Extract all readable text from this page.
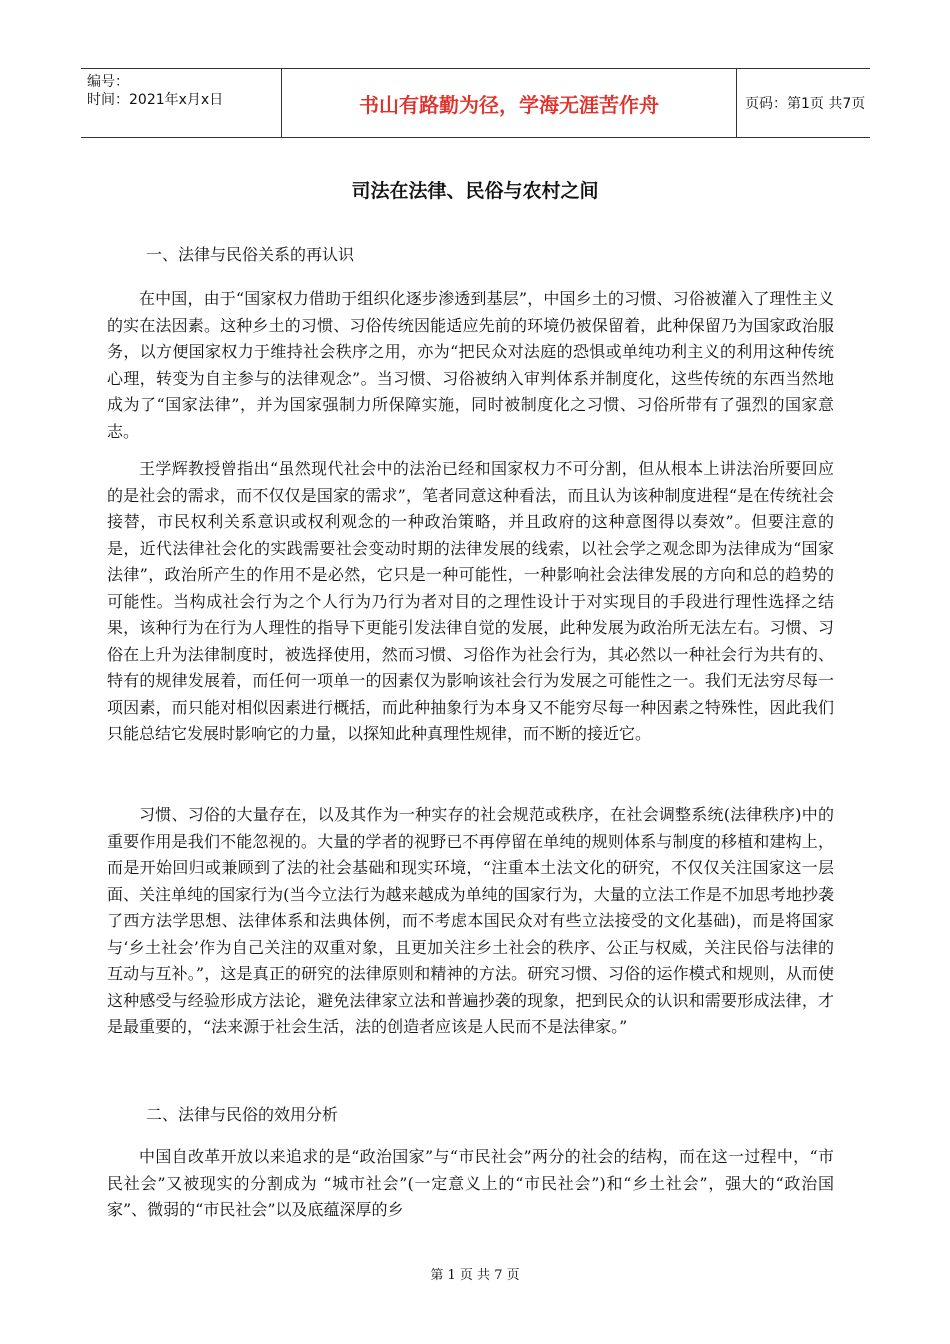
编号：
时间：2021年x月x日	书山有路勤为径，学海无涯苦作舟	页码：第1页 共7页
司法在法律、民俗与农村之间
一、法律与民俗关系的再认识

在中国，由于“国家权力借助于组织化逐步渗透到基层”，中国乡土的习惯、习俗被灌入了理性主义的实在法因素。这种乡土的习惯、习俗传统因能适应先前的环境仍被保留着，此种保留乃为国家政治服务，以方便国家权力于维持社会秩序之用，亦为“把民众对法庭的恐惧或单纯功利主义的利用这种传统心理，转变为自主参与的法律观念”。当习惯、习俗被纳入审判体系并制度化，这些传统的东西当然地成为了“国家法律”，并为国家强制力所保障实施，同时被制度化之习惯、习俗所带有了强烈的国家意志。

王学辉教授曾指出“虽然现代社会中的法治已经和国家权力不可分割，但从根本上讲法治所要回应的是社会的需求，而不仅仅是国家的需求”，笔者同意这种看法，而且认为该种制度进程“是在传统社会接替，市民权利关系意识或权利观念的一种政治策略，并且政府的这种意图得以奏效”。但要注意的是，近代法律社会化的实践需要社会变动时期的法律发展的线索，以社会学之观念即为法律成为“国家法律”，政治所产生的作用不是必然，它只是一种可能性，一种影响社会法律发展的方向和总的趋势的可能性。当构成社会行为之个人行为乃行为者对目的之理性设计于对实现目的手段进行理性选择之结果，该种行为在行为人理性的指导下更能引发法律自觉的发展，此种发展为政治所无法左右。习惯、习俗在上升为法律制度时，被选择使用，然而习惯、习俗作为社会行为，其必然以一种社会行为共有的、特有的规律发展着，而任何一项单一的因素仅为影响该社会行为发展之可能性之一。我们无法穷尽每一项因素，而只能对相似因素进行概括，而此种抽象行为本身又不能穷尽每一种因素之特殊性，因此我们只能总结它发展时影响它的力量，以探知此种真理性规律，而不断的接近它。

习惯、习俗的大量存在，以及其作为一种实存的社会规范或秩序，在社会调整系统(法律秩序)中的重要作用是我们不能忽视的。大量的学者的视野已不再停留在单纯的规则体系与制度的移植和建构上，而是开始回归或兼顾到了法的社会基础和现实环境，“注重本土法文化的研究，不仅仅关注国家这一层面、关注单纯的国家行为(当今立法行为越来越成为单纯的国家行为，大量的立法工作是不加思考地抄袭了西方法学思想、法律体系和法典体例，而不考虑本国民众对有些立法接受的文化基础)，而是将国家与‘乡土社会’作为自己关注的双重对象，且更加关注乡土社会的秩序、公正与权威，关注民俗与法律的互动与互补。”，这是真正的研究的法律原则和精神的方法。研究习惯、习俗的运作模式和规则，从而使这种感受与经验形成方法论，避免法律家立法和普遍抄袭的现象，把到民众的认识和需要形成法律，才是最重要的，“法来源于社会生活，法的创造者应该是人民而不是法律家。”

二、法律与民俗的效用分析

中国自改革开放以来追求的是“政治国家”与“市民社会”两分的社会的结构，而在这一过程中，“市民社会”又被现实的分割成为 “城市社会”(一定意义上的“市民社会”)和“乡土社会”，强大的“政治国家”、微弱的“市民社会”以及底蕴深厚的乡

第 1 页 共 7 页
